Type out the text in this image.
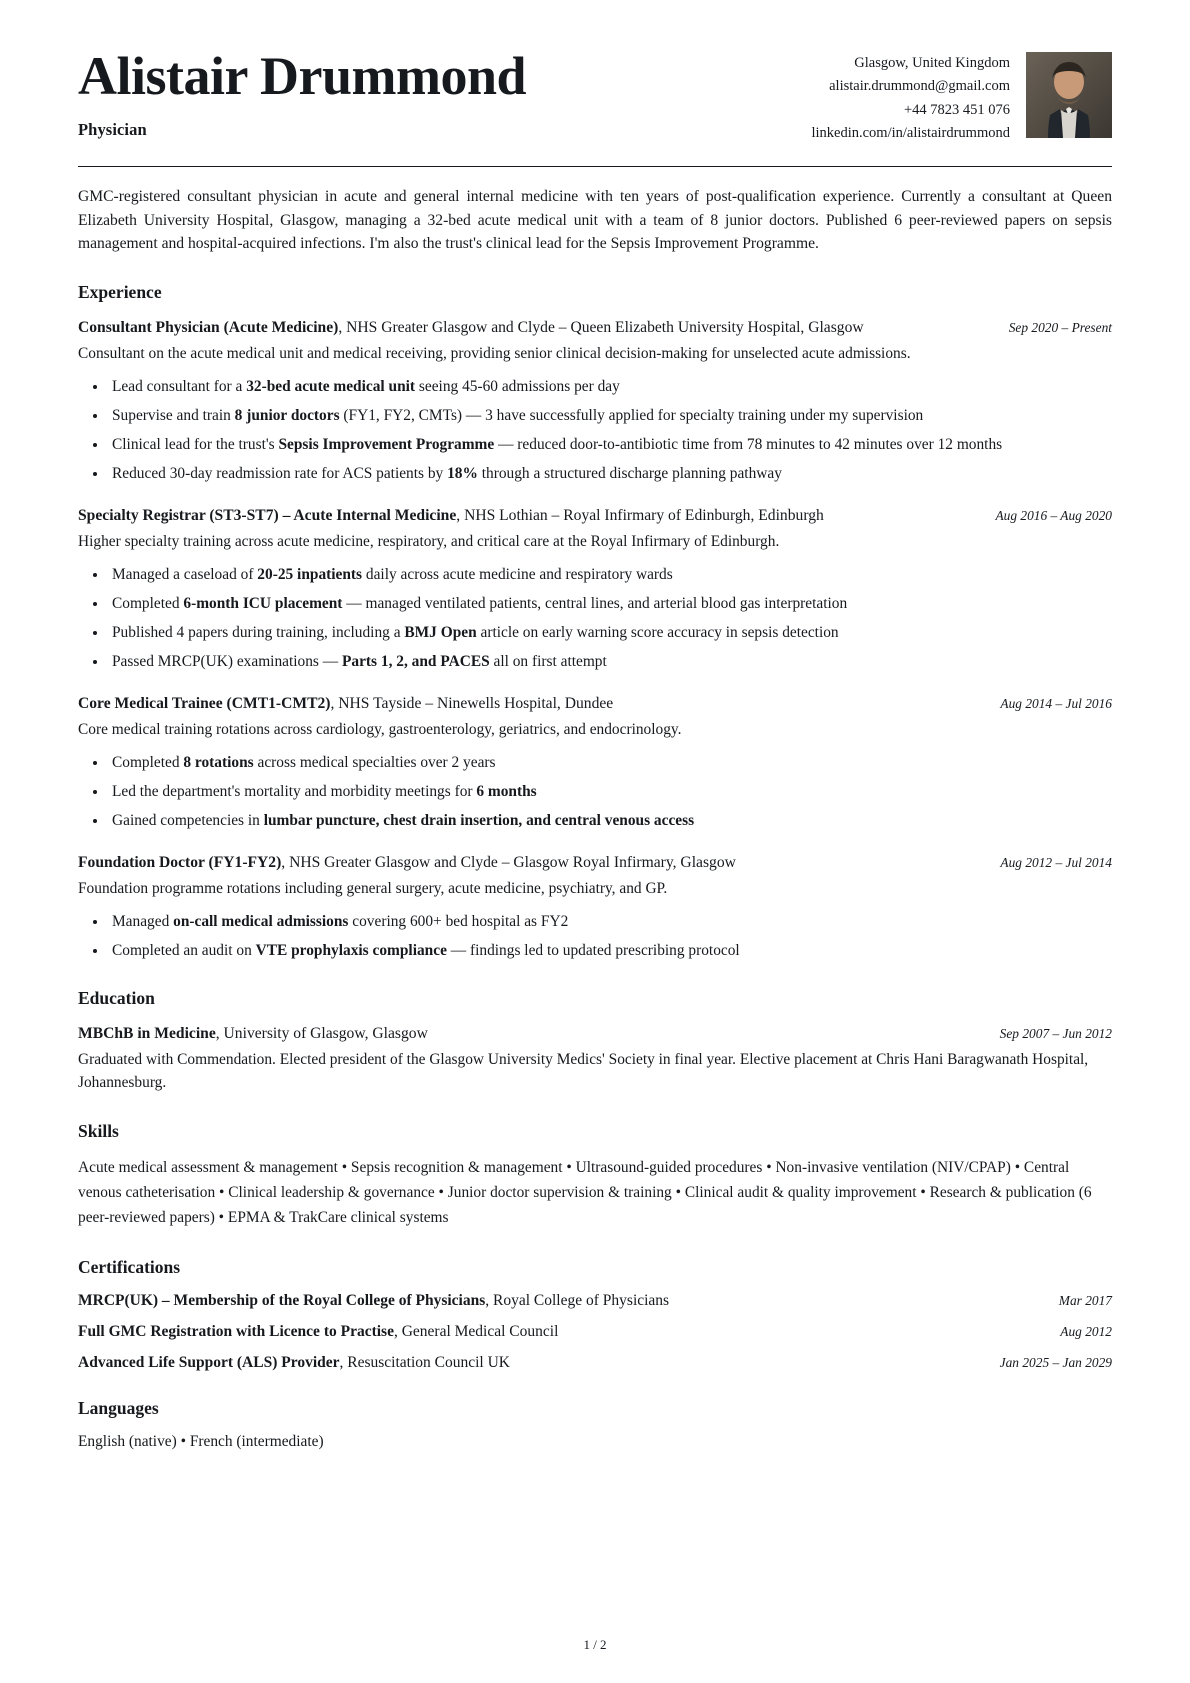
Alistair Drummond
Physician
Glasgow, United Kingdom
alistair.drummond@gmail.com
+44 7823 451 076
linkedin.com/in/alistairdrummond

GMC-registered consultant physician in acute and general internal medicine with ten years of post-qualification experience. Currently a consultant at Queen Elizabeth University Hospital, Glasgow, managing a 32-bed acute medical unit with a team of 8 junior doctors. Published 6 peer-reviewed papers on sepsis management and hospital-acquired infections. I'm also the trust's clinical lead for the Sepsis Improvement Programme.

Experience
Consultant Physician (Acute Medicine), NHS Greater Glasgow and Clyde – Queen Elizabeth University Hospital, Glasgow	Sep 2020 – Present
Consultant on the acute medical unit and medical receiving, providing senior clinical decision-making for unselected acute admissions.
• Lead consultant for a 32-bed acute medical unit seeing 45-60 admissions per day
• Supervise and train 8 junior doctors (FY1, FY2, CMTs) — 3 have successfully applied for specialty training under my supervision
• Clinical lead for the trust's Sepsis Improvement Programme — reduced door-to-antibiotic time from 78 minutes to 42 minutes over 12 months
• Reduced 30-day readmission rate for ACS patients by 18% through a structured discharge planning pathway
Specialty Registrar (ST3-ST7) – Acute Internal Medicine, NHS Lothian – Royal Infirmary of Edinburgh, Edinburgh	Aug 2016 – Aug 2020
Higher specialty training across acute medicine, respiratory, and critical care at the Royal Infirmary of Edinburgh.
• Managed a caseload of 20-25 inpatients daily across acute medicine and respiratory wards
• Completed 6-month ICU placement — managed ventilated patients, central lines, and arterial blood gas interpretation
• Published 4 papers during training, including a BMJ Open article on early warning score accuracy in sepsis detection
• Passed MRCP(UK) examinations — Parts 1, 2, and PACES all on first attempt
Core Medical Trainee (CMT1-CMT2), NHS Tayside – Ninewells Hospital, Dundee	Aug 2014 – Jul 2016
Core medical training rotations across cardiology, gastroenterology, geriatrics, and endocrinology.
• Completed 8 rotations across medical specialties over 2 years
• Led the department's mortality and morbidity meetings for 6 months
• Gained competencies in lumbar puncture, chest drain insertion, and central venous access
Foundation Doctor (FY1-FY2), NHS Greater Glasgow and Clyde – Glasgow Royal Infirmary, Glasgow	Aug 2012 – Jul 2014
Foundation programme rotations including general surgery, acute medicine, psychiatry, and GP.
• Managed on-call medical admissions covering 600+ bed hospital as FY2
• Completed an audit on VTE prophylaxis compliance — findings led to updated prescribing protocol
Education
MBChB in Medicine, University of Glasgow, Glasgow	Sep 2007 – Jun 2012

Graduated with Commendation. Elected president of the Glasgow University Medics' Society in final year. Elective placement at Chris Hani Baragwanath Hospital, Johannesburg.

Skills
Acute medical assessment & management • Sepsis recognition & management • Ultrasound-guided procedures • Non-invasive ventilation (NIV/CPAP) • Central venous catheterisation • Clinical leadership & governance • Junior doctor supervision & training • Clinical audit & quality improvement • Research & publication (6 peer-reviewed papers) • EPMA & TrakCare clinical systems
Certifications
MRCP(UK) – Membership of the Royal College of Physicians, Royal College of Physicians	Mar 2017
Full GMC Registration with Licence to Practise, General Medical Council	Aug 2012
Advanced Life Support (ALS) Provider, Resuscitation Council UK	Jan 2025 – Jan 2029
Languages
English (native) • French (intermediate)
1 / 2
